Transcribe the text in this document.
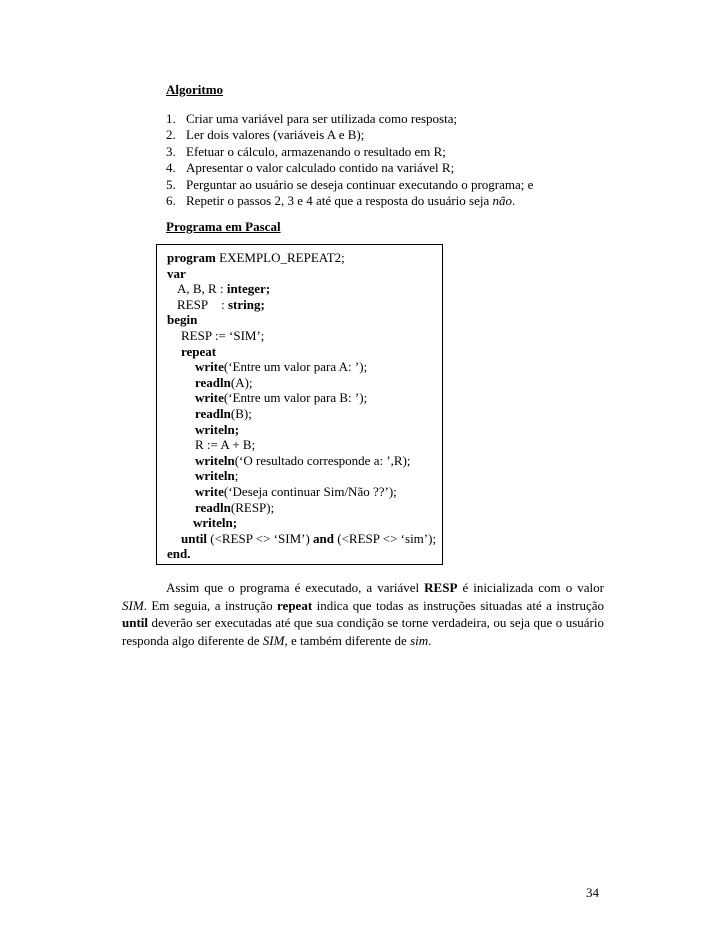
Algoritmo
1. Criar uma variável para ser utilizada como resposta;
2. Ler dois valores (variáveis A e B);
3. Efetuar o cálculo, armazenando o resultado em R;
4. Apresentar o valor calculado contido na variável R;
5. Perguntar ao usuário se deseja continuar executando o programa; e
6. Repetir o passos 2, 3 e 4 até que a resposta do usuário seja não.
Programa em Pascal
program EXEMPLO_REPEAT2;
var
A, B, R : integer;
RESP    : string;
begin
RESP := ‘SIM’;
repeat
write(‘Entre um valor para A: ’);
readln(A);
write(‘Entre um valor para B: ’);
readln(B);
writeln;
R := A + B;
writeln(‘O resultado corresponde a: ’,R);
writeln;
write(‘Deseja continuar Sim/Não ??’);
readln(RESP);
writeln;
until (<RESP <> ‘SIM’) and (<RESP <> ‘sim’);
end.
Assim que o programa é executado, a variável RESP é inicializada com o valor SIM. Em seguia, a instrução repeat indica que todas as instruções situadas até a instrução until deverão ser executadas até que sua condição se torne verdadeira, ou seja que o usuário responda algo diferente de SIM, e também diferente de sim.
34
